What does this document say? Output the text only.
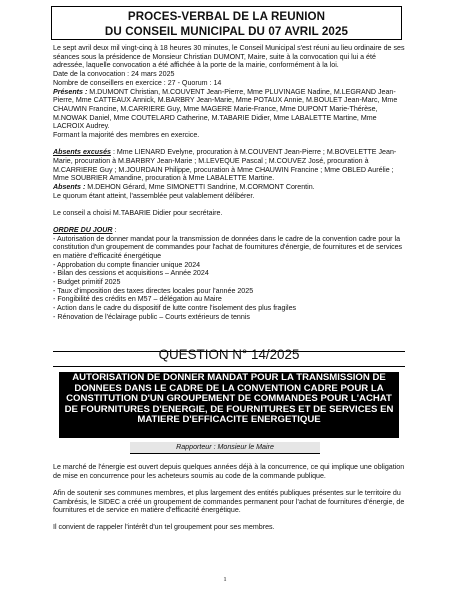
PROCES-VERBAL DE LA REUNION
DU CONSEIL MUNICIPAL DU 07 AVRIL 2025

Le sept avril deux mil vingt-cinq à 18 heures 30 minutes, le Conseil Municipal s'est réuni au lieu ordinaire de ses séances sous la présidence de Monsieur Christian DUMONT, Maire, suite à la convocation qui lui a été adressée, laquelle convocation a été affichée à la porte de la mairie, conformément à la loi.

Date de la convocation : 24 mars 2025

Nombre de conseillers en exercice : 27 - Quorum : 14

Présents : M.DUMONT Christian, M.COUVENT Jean-Pierre, Mme PLUVINAGE Nadine, M.LEGRAND Jean-Pierre, Mme CATTEAUX Annick, M.BARBRY Jean-Marie, Mme POTAUX Annie, M.BOULET Jean-Marc, Mme CHAUWIN Francine, M.CARRIERE Guy, Mme MAGERE Marie-France, Mme DUPONT Marie-Thérèse, M.NOWAK Daniel, Mme COUTELARD Catherine, M.TABARIE Didier, Mme LABALETTE Martine, Mme LACROIX Audrey.

Formant la majorité des membres en exercice.

Absents excusés : Mme LIENARD Evelyne, procuration à M.COUVENT Jean-Pierre ; M.BOVELETTE Jean-Marie, procuration à M.BARBRY Jean-Marie ; M.LEVEQUE Pascal ; M.COUVEZ José, procuration à M.CARRIERE Guy ; M.JOURDAIN Philippe, procuration à Mme CHAUWIN Francine ; Mme OBLED Aurélie ; Mme SOUBRIER Amandine, procuration à Mme LABALETTE Martine.

Absents : M.DEHON Gérard, Mme SIMONETTI Sandrine, M.CORMONT Corentin.

Le quorum étant atteint, l'assemblée peut valablement délibérer.

Le conseil a choisi M.TABARIE Didier pour secrétaire.

ORDRE DU JOUR :

- Autorisation de donner mandat pour la transmission de données dans le cadre de la convention cadre pour la constitution d'un groupement de commandes pour l'achat de fournitures d'énergie, de fournitures et de services en matière d'efficacité énergétique

- Approbation du compte financier unique 2024

- Bilan des cessions et acquisitions – Année 2024

- Budget primitif 2025

- Taux d'imposition des taxes directes locales pour l'année 2025

- Fongibilité des crédits en M57 – délégation au Maire

- Action dans le cadre du dispositif de lutte contre l'isolement des plus fragiles

- Rénovation de l'éclairage public – Courts extérieurs de tennis

QUESTION N° 14/2025
AUTORISATION DE DONNER MANDAT POUR LA TRANSMISSION DE DONNEES DANS LE CADRE DE LA CONVENTION CADRE POUR LA CONSTITUTION D'UN GROUPEMENT DE COMMANDES POUR L'ACHAT DE FOURNITURES D'ENERGIE, DE FOURNITURES ET DE SERVICES EN MATIERE D'EFFICACITE ENERGETIQUE
Rapporteur : Monsieur le Maire

Le marché de l'énergie est ouvert depuis quelques années déjà à la concurrence, ce qui implique une obligation de mise en concurrence pour les acheteurs soumis au code de la commande publique.

Afin de soutenir ses communes membres, et plus largement des entités publiques présentes sur le territoire du Cambrésis, le SIDEC a créé un groupement de commandes permanent pour l'achat de fournitures d'énergie, de fournitures et de service en matière d'efficacité énergétique.

Il convient de rappeler l'intérêt d'un tel groupement pour ses membres.

1
